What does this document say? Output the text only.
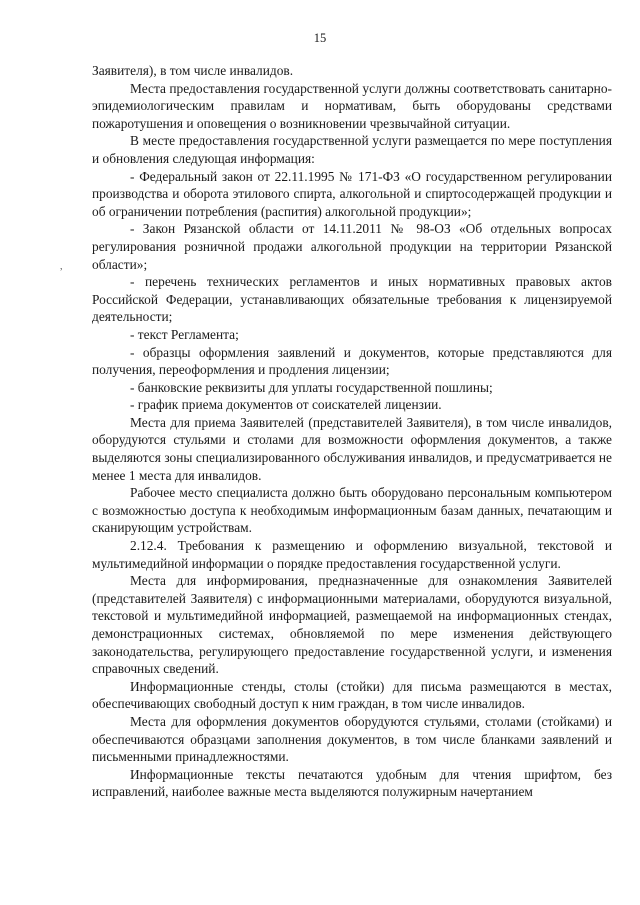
15
,

Заявителя), в том числе инвалидов.

Места предоставления государственной услуги должны соответствовать санитарно-эпидемиологическим правилам и нормативам, быть оборудованы средствами пожаротушения и оповещения о возникновении чрезвычайной ситуации.

В месте предоставления государственной услуги размещается по мере поступления и обновления следующая информация:

- Федеральный закон от 22.11.1995 № 171-ФЗ «О государственном регулировании производства и оборота этилового спирта, алкогольной и спиртосодержащей продукции и об ограничении потребления (распития) алкогольной продукции»;

- Закон Рязанской области от 14.11.2011 № 98-ОЗ «Об отдельных вопросах регулирования розничной продажи алкогольной продукции на территории Рязанской области»;

- перечень технических регламентов и иных нормативных правовых актов Российской Федерации, устанавливающих обязательные требования к лицензируемой деятельности;

- текст Регламента;

- образцы оформления заявлений и документов, которые представляются для получения, переоформления и продления лицензии;

- банковские реквизиты для уплаты государственной пошлины;

- график приема документов от соискателей лицензии.

Места для приема Заявителей (представителей Заявителя), в том числе инвалидов, оборудуются стульями и столами для возможности оформления документов, а также выделяются зоны специализированного обслуживания инвалидов, и предусматривается не менее 1 места для инвалидов.

Рабочее место специалиста должно быть оборудовано персональным компьютером с возможностью доступа к необходимым информационным базам данных, печатающим и сканирующим устройствам.

2.12.4. Требования к размещению и оформлению визуальной, текстовой и мультимедийной информации о порядке предоставления государственной услуги.

Места для информирования, предназначенные для ознакомления Заявителей (представителей Заявителя) с информационными материалами, оборудуются визуальной, текстовой и мультимедийной информацией, размещаемой на информационных стендах, демонстрационных системах, обновляемой по мере изменения действующего законодательства, регулирующего предоставление государственной услуги, и изменения справочных сведений.

Информационные стенды, столы (стойки) для письма размещаются в местах, обеспечивающих свободный доступ к ним граждан, в том числе инвалидов.

Места для оформления документов оборудуются стульями, столами (стойками) и обеспечиваются образцами заполнения документов, в том числе бланками заявлений и письменными принадлежностями.

Информационные тексты печатаются удобным для чтения шрифтом, без исправлений, наиболее важные места выделяются полужирным начертанием
